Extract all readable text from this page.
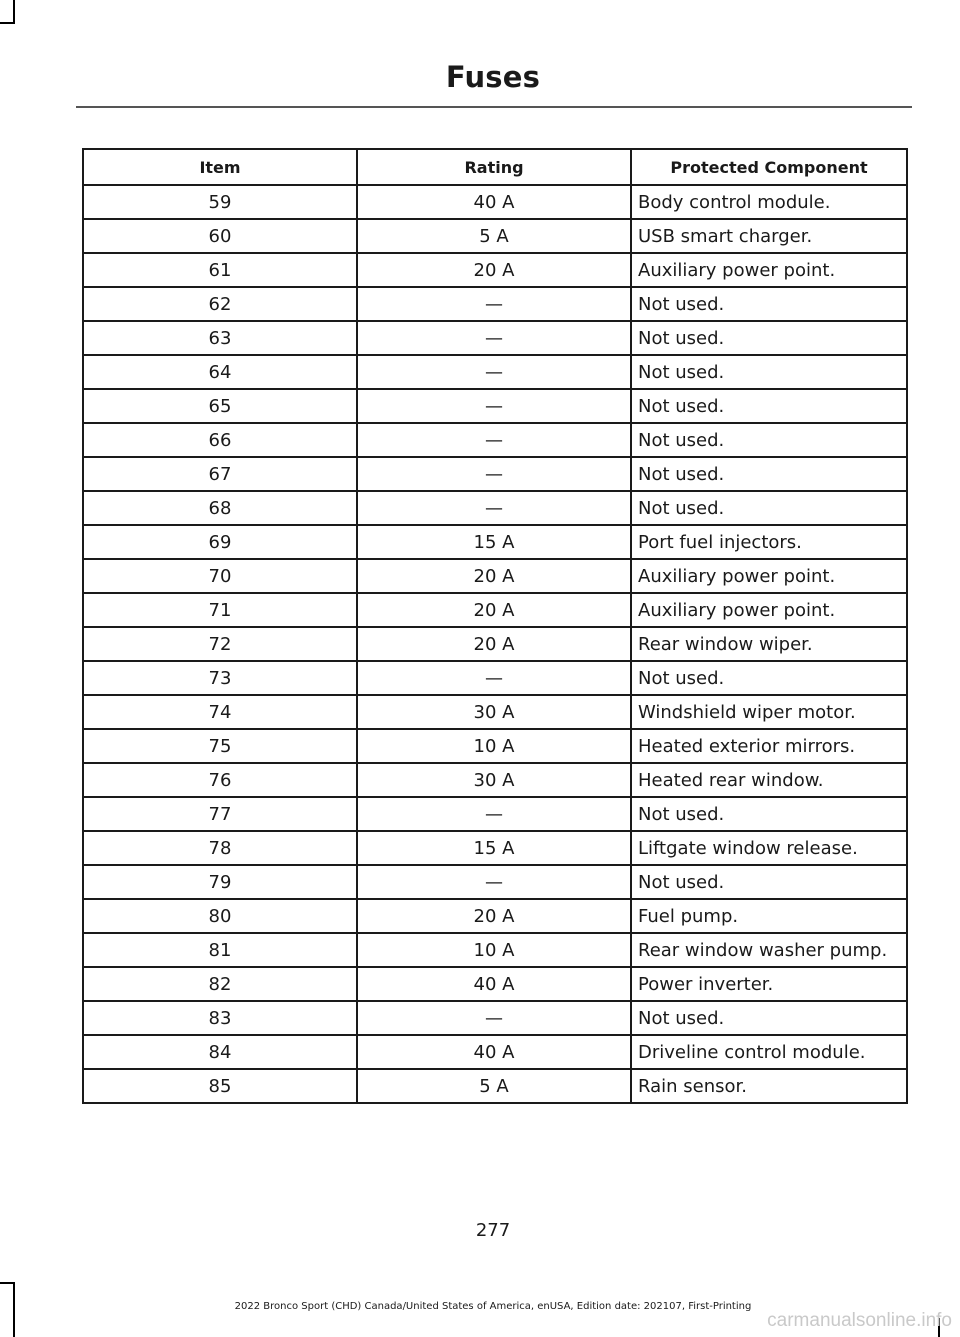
Fuses
Item	Rating	Protected Component
59	40 A	Body control module.
60	5 A	USB smart charger.
61	20 A	Auxiliary power point.
62	—	Not used.
63	—	Not used.
64	—	Not used.
65	—	Not used.
66	—	Not used.
67	—	Not used.
68	—	Not used.
69	15 A	Port fuel injectors.
70	20 A	Auxiliary power point.
71	20 A	Auxiliary power point.
72	20 A	Rear window wiper.
73	—	Not used.
74	30 A	Windshield wiper motor.
75	10 A	Heated exterior mirrors.
76	30 A	Heated rear window.
77	—	Not used.
78	15 A	Liftgate window release.
79	—	Not used.
80	20 A	Fuel pump.
81	10 A	Rear window washer pump.
82	40 A	Power inverter.
83	—	Not used.
84	40 A	Driveline control module.
85	5 A	Rain sensor.
277
2022 Bronco Sport (CHD) Canada/United States of America, enUSA, Edition date: 202107, First-Printing
carmanualsonline.info
